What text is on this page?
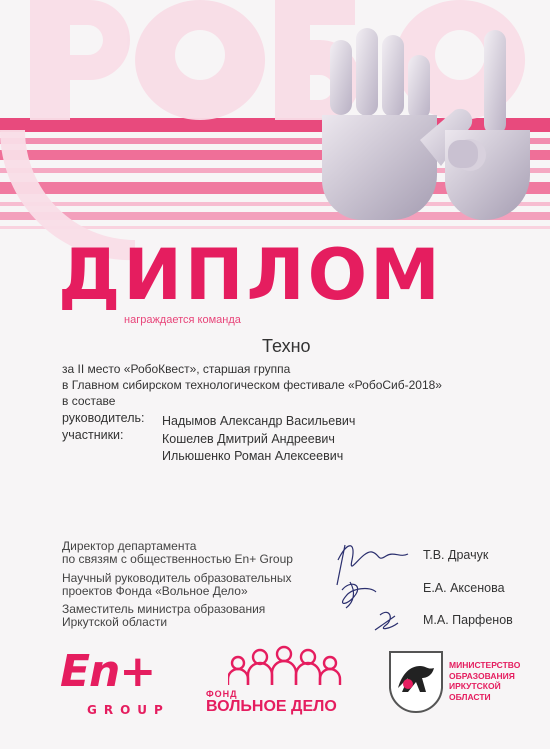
ДИПЛОМ
награждается команда
Техно
за II место «РобоКвест», старшая группа
в Главном сибирском технологическом фестивале «РобоСиб-2018»
в составе
руководитель: Надымов Александр Васильевич
участники:	Кошелев Дмитрий Андреевич
Ильюшенко Роман Алексеевич
Директор департамента
по связям с общественностью En+ Group
Научный руководитель образовательных
проектов Фонда «Вольное Дело»
Заместитель министра образования
Иркутской области
Т.В. Драчук
Е.А. Аксенова
М.А. Парфенов
En+
GROUP
ФОНД
ВОЛЬНОЕ ДЕЛО
МИНИСТЕРСТВО
ОБРАЗОВАНИЯ
ИРКУТСКОЙ
ОБЛАСТИ
